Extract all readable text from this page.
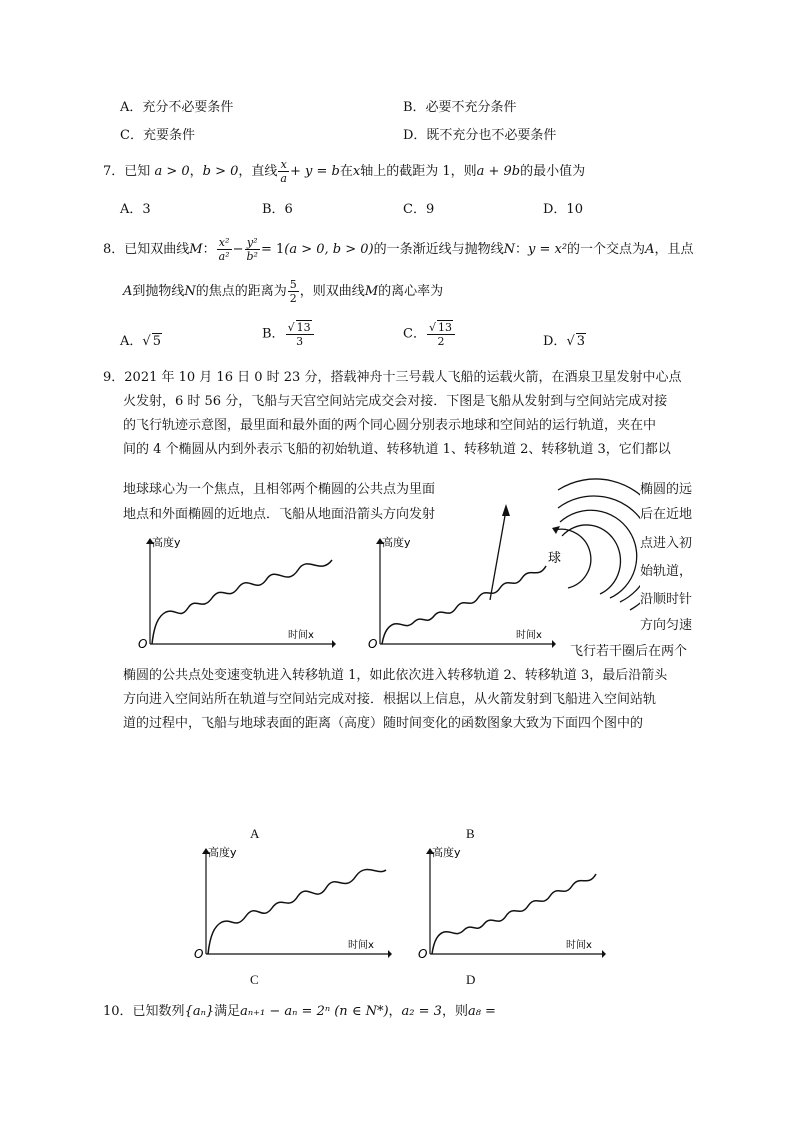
A．充分不必要条件	B．必要不充分条件
C．充要条件	D．既不充分也不必要条件
7．已知 a > 0，b > 0，直线 $\frac{x}{a} + y = b$在x轴上的截距为 1，则a + 9b的最小值为
A．3	B．6	C．9	D．10
8．已知双曲线M： $\frac{\text{x²}}{\text{a²}} - \frac{\text{y²}}{\text{b²}} = 1(a > 0$, b > 0)的一条渐近线与抛物线N：y = x²的一个交点为A，且点
A到抛物线N的焦点的距离为 $\frac{5}{2}$ ，则双曲线M的离心率为
A．√ 5	B． $\frac{√ 13}{3}$	C． $\frac{√ 13}{2}$	D．√ 3
9．2021 年 10 月 16 日 0 时 23 分，搭载神舟十三号载人飞船的运载火箭，在酒泉卫星发射中心点
火发射，6 时 56 分，飞船与天宫空间站完成交会对接．下图是飞船从发射到与空间站完成对接
的飞行轨迹示意图，最里面和最外面的两个同心圆分别表示地球和空间站的运行轨道，夹在中
间的 4 个椭圆从内到外表示飞船的初始轨道、转移轨道 1、转移轨道 2、转移轨道 3，它们都以
地球球心为一个焦点，且相邻两个椭圆的公共点为里面	椭圆的远
地点和外面椭圆的近地点．飞船从地面沿箭头方向发射	后在近地
点进入初
始轨道，
沿顺时针
方向匀速
飞行若干圈后在两个
椭圆的公共点处变速变轨进入转移轨道 1，如此依次进入转移轨道 2、转移轨道 3，最后沿箭头
方向进入空间站所在轨道与空间站完成对接．根据以上信息，从火箭发射到飞船进入空间站轨
道的过程中，飞船与地球表面的距离（高度）随时间变化的函数图象大致为下面四个图中的
球
高度y
时间x
O
高度y
时间x
O
A	B
高度y
时间x
O
高度y
时间x
O
C	D
10．已知数列{aₙ}满足aₙ₊₁ − aₙ = 2ⁿ (n ∈ N*)，a₂ = 3，则a₈ =
